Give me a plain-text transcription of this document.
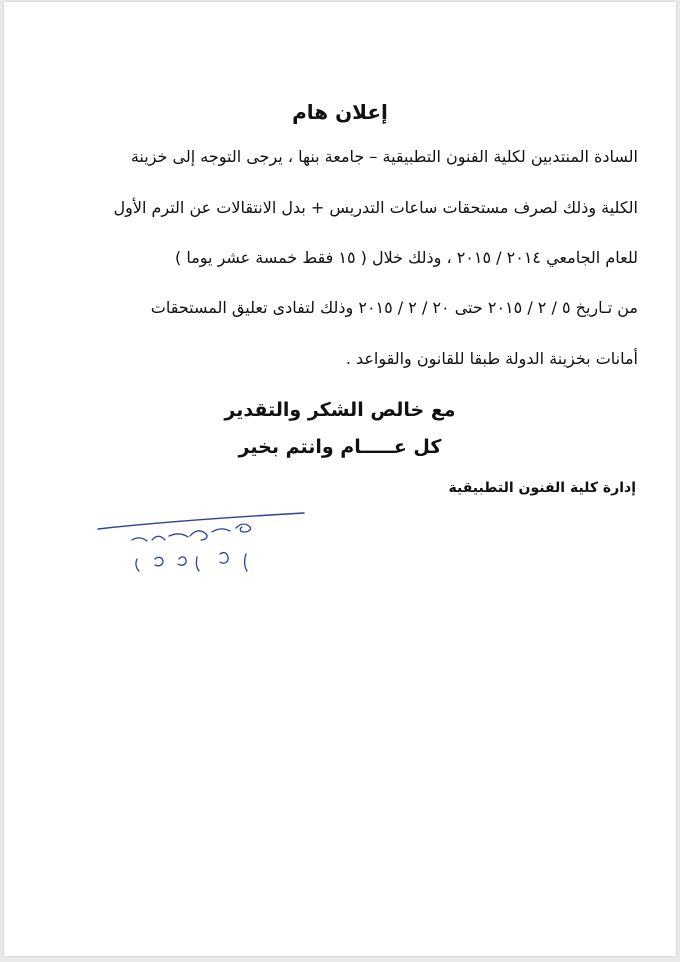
إعلان هام
السادة المنتدبين لكلية الفنون التطبيقية – جامعة بنها ، يرجى التوجه إلى خزينة
الكلية وذلك لصرف مستحقات ساعات التدريس + بدل الانتقالات عن الترم الأول
للعام الجامعي ٢٠١٤ / ٢٠١٥ ، وذلك خلال ( ١٥ فقط خمسة عشر يوما )
من تـاريخ ٥ / ٢ / ٢٠١٥ حتى ٢٠ / ٢ / ٢٠١٥ وذلك لتفادى تعليق المستحقات
أمانات بخزينة الدولة طبقا للقانون والقواعد .
مع خالص الشكر والتقدير
كل عـــــام وانتم بخير
إدارة كلية الفنون التطبيقية
